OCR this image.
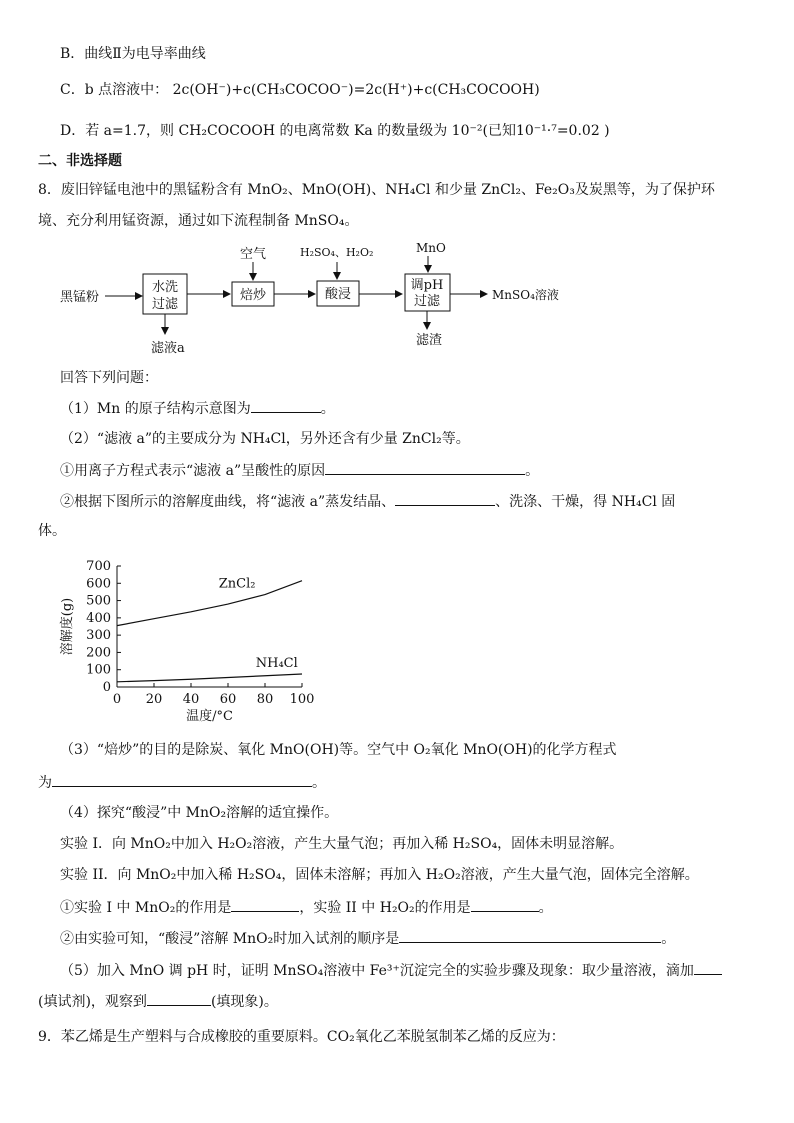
B．曲线Ⅱ为电导率曲线
C．b 点溶液中： 2c(OH⁻)+c(CH₃COCOO⁻)=2c(H⁺)+c(CH₃COCOOH)
D．若 a=1.7，则 CH₂COCOOH 的电离常数 Ka 的数量级为 10⁻²(已知10⁻¹·⁷=0.02 )
二、非选择题
8．废旧锌锰电池中的黑锰粉含有 MnO₂、MnO(OH)、NH₄Cl 和少量 ZnCl₂、Fe₂O₃及炭黑等，为了保护环
境、充分利用锰资源，通过如下流程制备 MnSO₄。
黑锰粉
水洗
过滤
滤液a
空气
焙炒
H₂SO₄、H₂O₂
酸浸
MnO
调pH
过滤
滤渣
MnSO₄溶液
回答下列问题：
（1）Mn 的原子结构示意图为	。
（2）“滤液 a”的主要成分为 NH₄Cl，另外还含有少量 ZnCl₂等。
①用离子方程式表示“滤液 a”呈酸性的原因	。
②根据下图所示的溶解度曲线，将“滤液 a”蒸发结晶、	、洗涤、干燥，得 NH₄Cl 固
体。
0
100
200
300
400
500
600
700
0 20 40 60 80 100
温度/°C
溶解度(g)
ZnCl₂
NH₄Cl
（3）“焙炒”的目的是除炭、氧化 MnO(OH)等。空气中 O₂氧化 MnO(OH)的化学方程式
为	。
（4）探究“酸浸”中 MnO₂溶解的适宜操作。
实验 I．向 MnO₂中加入 H₂O₂溶液，产生大量气泡；再加入稀 H₂SO₄，固体未明显溶解。
实验 II．向 MnO₂中加入稀 H₂SO₄，固体未溶解；再加入 H₂O₂溶液，产生大量气泡，固体完全溶解。
①实验 I 中 MnO₂的作用是	，实验 II 中 H₂O₂的作用是	。
②由实验可知，“酸浸”溶解 MnO₂时加入试剂的顺序是	。
（5）加入 MnO 调 pH 时，证明 MnSO₄溶液中 Fe³⁺沉淀完全的实验步骤及现象：取少量溶液，滴加
(填试剂)，观察到	(填现象)。
9．苯乙烯是生产塑料与合成橡胶的重要原料。CO₂氧化乙苯脱氢制苯乙烯的反应为：
